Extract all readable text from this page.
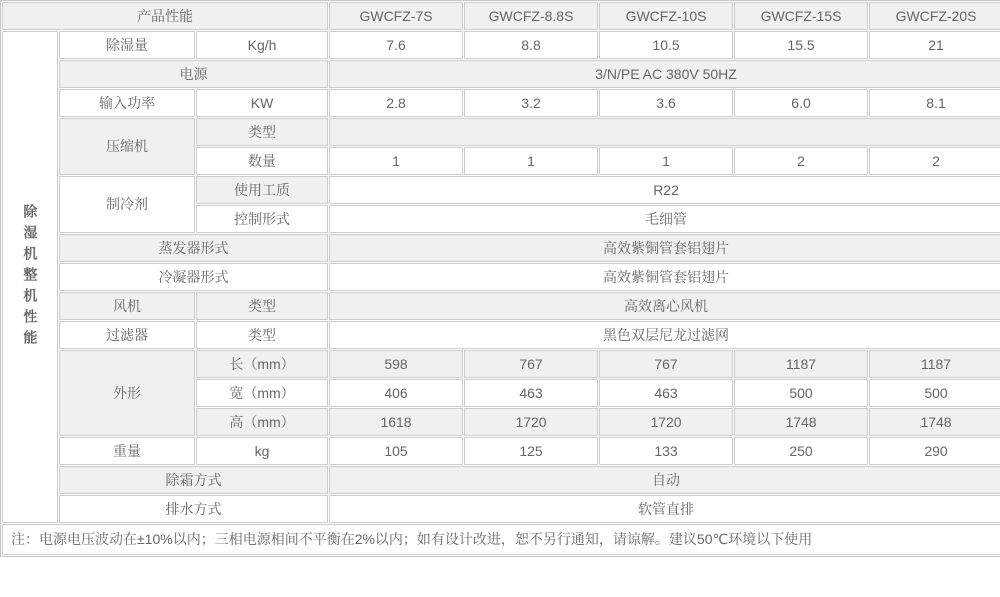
产品性能			GWCFZ-7S	GWCFZ-8.8S	GWCFZ-10S	GWCFZ-15S	GWCFZ-20S
除湿机整机性能	除湿量	Kg/h	7.6	8.8	10.5	15.5	21
	电源		3/N/PE AC 380V 50HZ				
	输入功率	KW	2.8	3.2	3.6	6.0	8.1
	压缩机	类型					
		数量	1	1	1	2	2
	制冷剂	使用工质	R22				
		控制形式	毛细管				
	蒸发器形式		高效紫铜管套铝翅片				
	冷凝器形式		高效紫铜管套铝翅片				
	风机	类型	高效离心风机				
	过滤器	类型	黑色双层尼龙过滤网				
	外形	长（mm）	598	767	767	1187	1187
		宽（mm）	406	463	463	500	500
		高（mm）	1618	1720	1720	1748	1748
	重量	kg	105	125	133	250	290
	除霜方式		自动				
	排水方式		软管直排				
注：电源电压波动在±10%以内；三相电源相间不平衡在2%以内；如有设计改进，恕不另行通知，请谅解。建议50℃环境以下使用							
